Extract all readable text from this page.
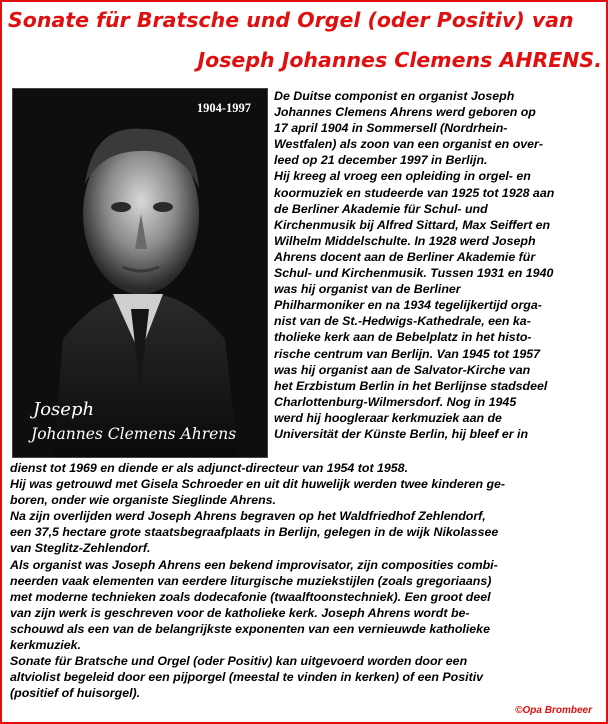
Sonate für Bratsche und Orgel (oder Positiv) van
Joseph Johannes Clemens AHRENS.
1904-1997
Joseph
Johannes Clemens Ahrens
De Duitse componist en organist Joseph
Johannes Clemens Ahrens werd geboren op
17 april 1904 in Sommersell (Nordrhein-
Westfalen) als zoon van een organist en over-
leed op 21 december 1997 in Berlijn.
Hij kreeg al vroeg een opleiding in orgel- en
koormuziek en studeerde van 1925 tot 1928 aan
de Berliner Akademie für Schul- und
Kirchenmusik bij Alfred Sittard, Max Seiffert en
Wilhelm Middelschulte. In 1928 werd Joseph
Ahrens docent aan de Berliner Akademie für
Schul- und Kirchenmusik. Tussen 1931 en 1940
was hij organist van de Berliner
Philharmoniker en na 1934 tegelijkertijd orga-
nist van de St.-Hedwigs-Kathedrale, een ka-
tholieke kerk aan de Bebelplatz in het histo-
rische centrum van Berlijn. Van 1945 tot 1957
was hij organist aan de Salvator-Kirche van
het Erzbistum Berlin in het Berlijnse stadsdeel
Charlottenburg-Wilmersdorf. Nog in 1945
werd hij hoogleraar kerkmuziek aan de
Universität der Künste Berlin, hij bleef er in
dienst tot 1969 en diende er als adjunct-directeur van 1954 tot 1958.
Hij was getrouwd met Gisela Schroeder en uit dit huwelijk werden twee kinderen ge-
boren, onder wie organiste Sieglinde Ahrens.
Na zijn overlijden werd Joseph Ahrens begraven op het Waldfriedhof Zehlendorf,
een 37,5 hectare grote staatsbegraafplaats in Berlijn, gelegen in de wijk Nikolassee
van Steglitz-Zehlendorf.
Als organist was Joseph Ahrens een bekend improvisator, zijn composities combi-
neerden vaak elementen van eerdere liturgische muziekstijlen (zoals gregoriaans)
met moderne technieken zoals dodecafonie (twaalftoonstechniek). Een groot deel
van zijn werk is geschreven voor de katholieke kerk. Joseph Ahrens wordt be-
schouwd als een van de belangrijkste exponenten van een vernieuwde katholieke
kerkmuziek.
Sonate für Bratsche und Orgel (oder Positiv) kan uitgevoerd worden door een
altviolist begeleid door een pijporgel (meestal te vinden in kerken) of een Positiv
(positief of huisorgel).
©Opa Brombeer
